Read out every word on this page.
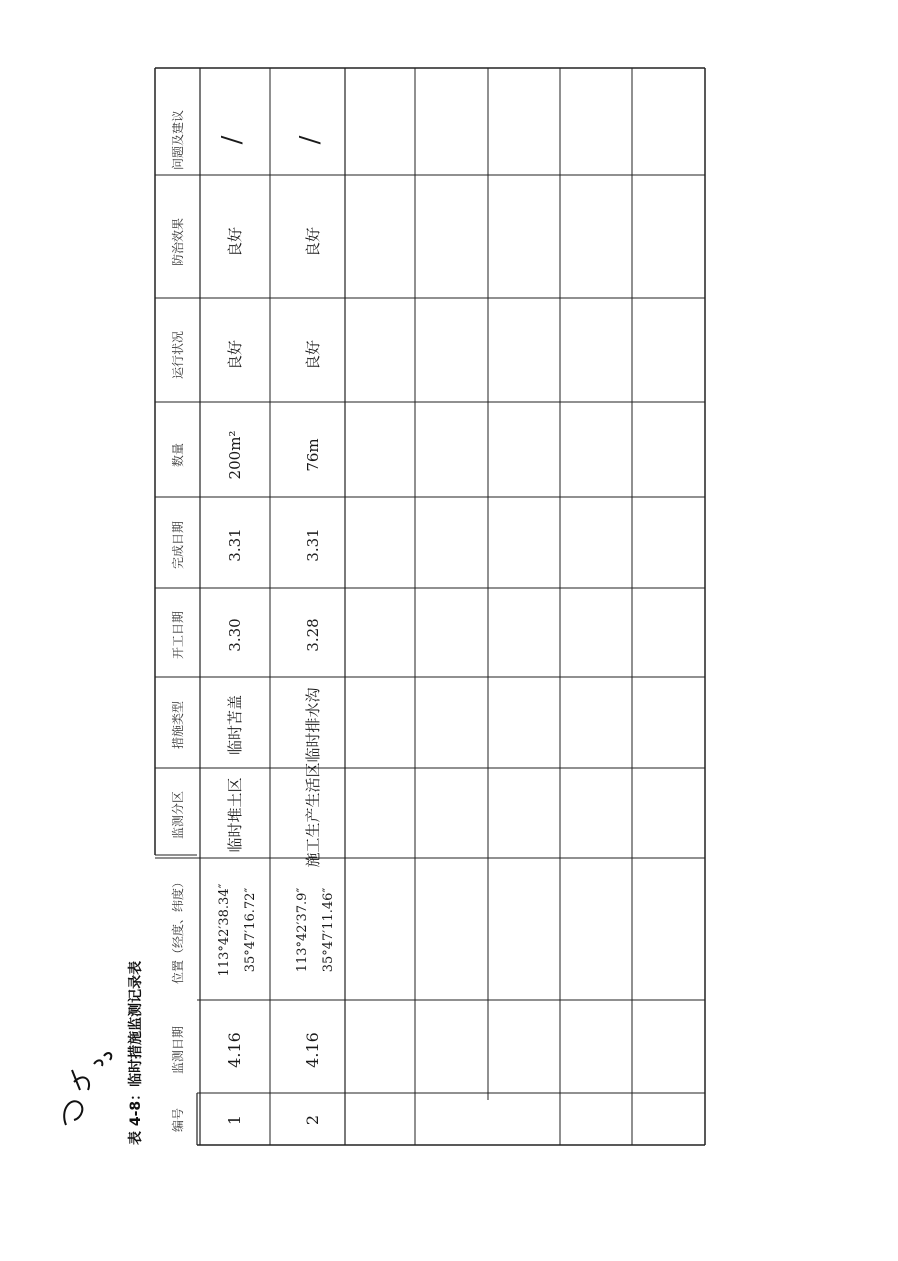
表 4-8：临时措施监测记录表
问题及建议
防治效果
运行状况
数量
完成日期
开工日期
措施类型
监测分区
位置（经度、纬度）
监测日期
编号
/
良好
良好
200m²
3.31
3.30
临时苫盖
临时堆土区
113°42′38.34″ 35°47′16.72″
4.16
1
/
良好
良好
76m
3.31
3.28
临时排水沟
施工生产生活区
113°42′37.9″ 35°47′11.46″
4.16
2
